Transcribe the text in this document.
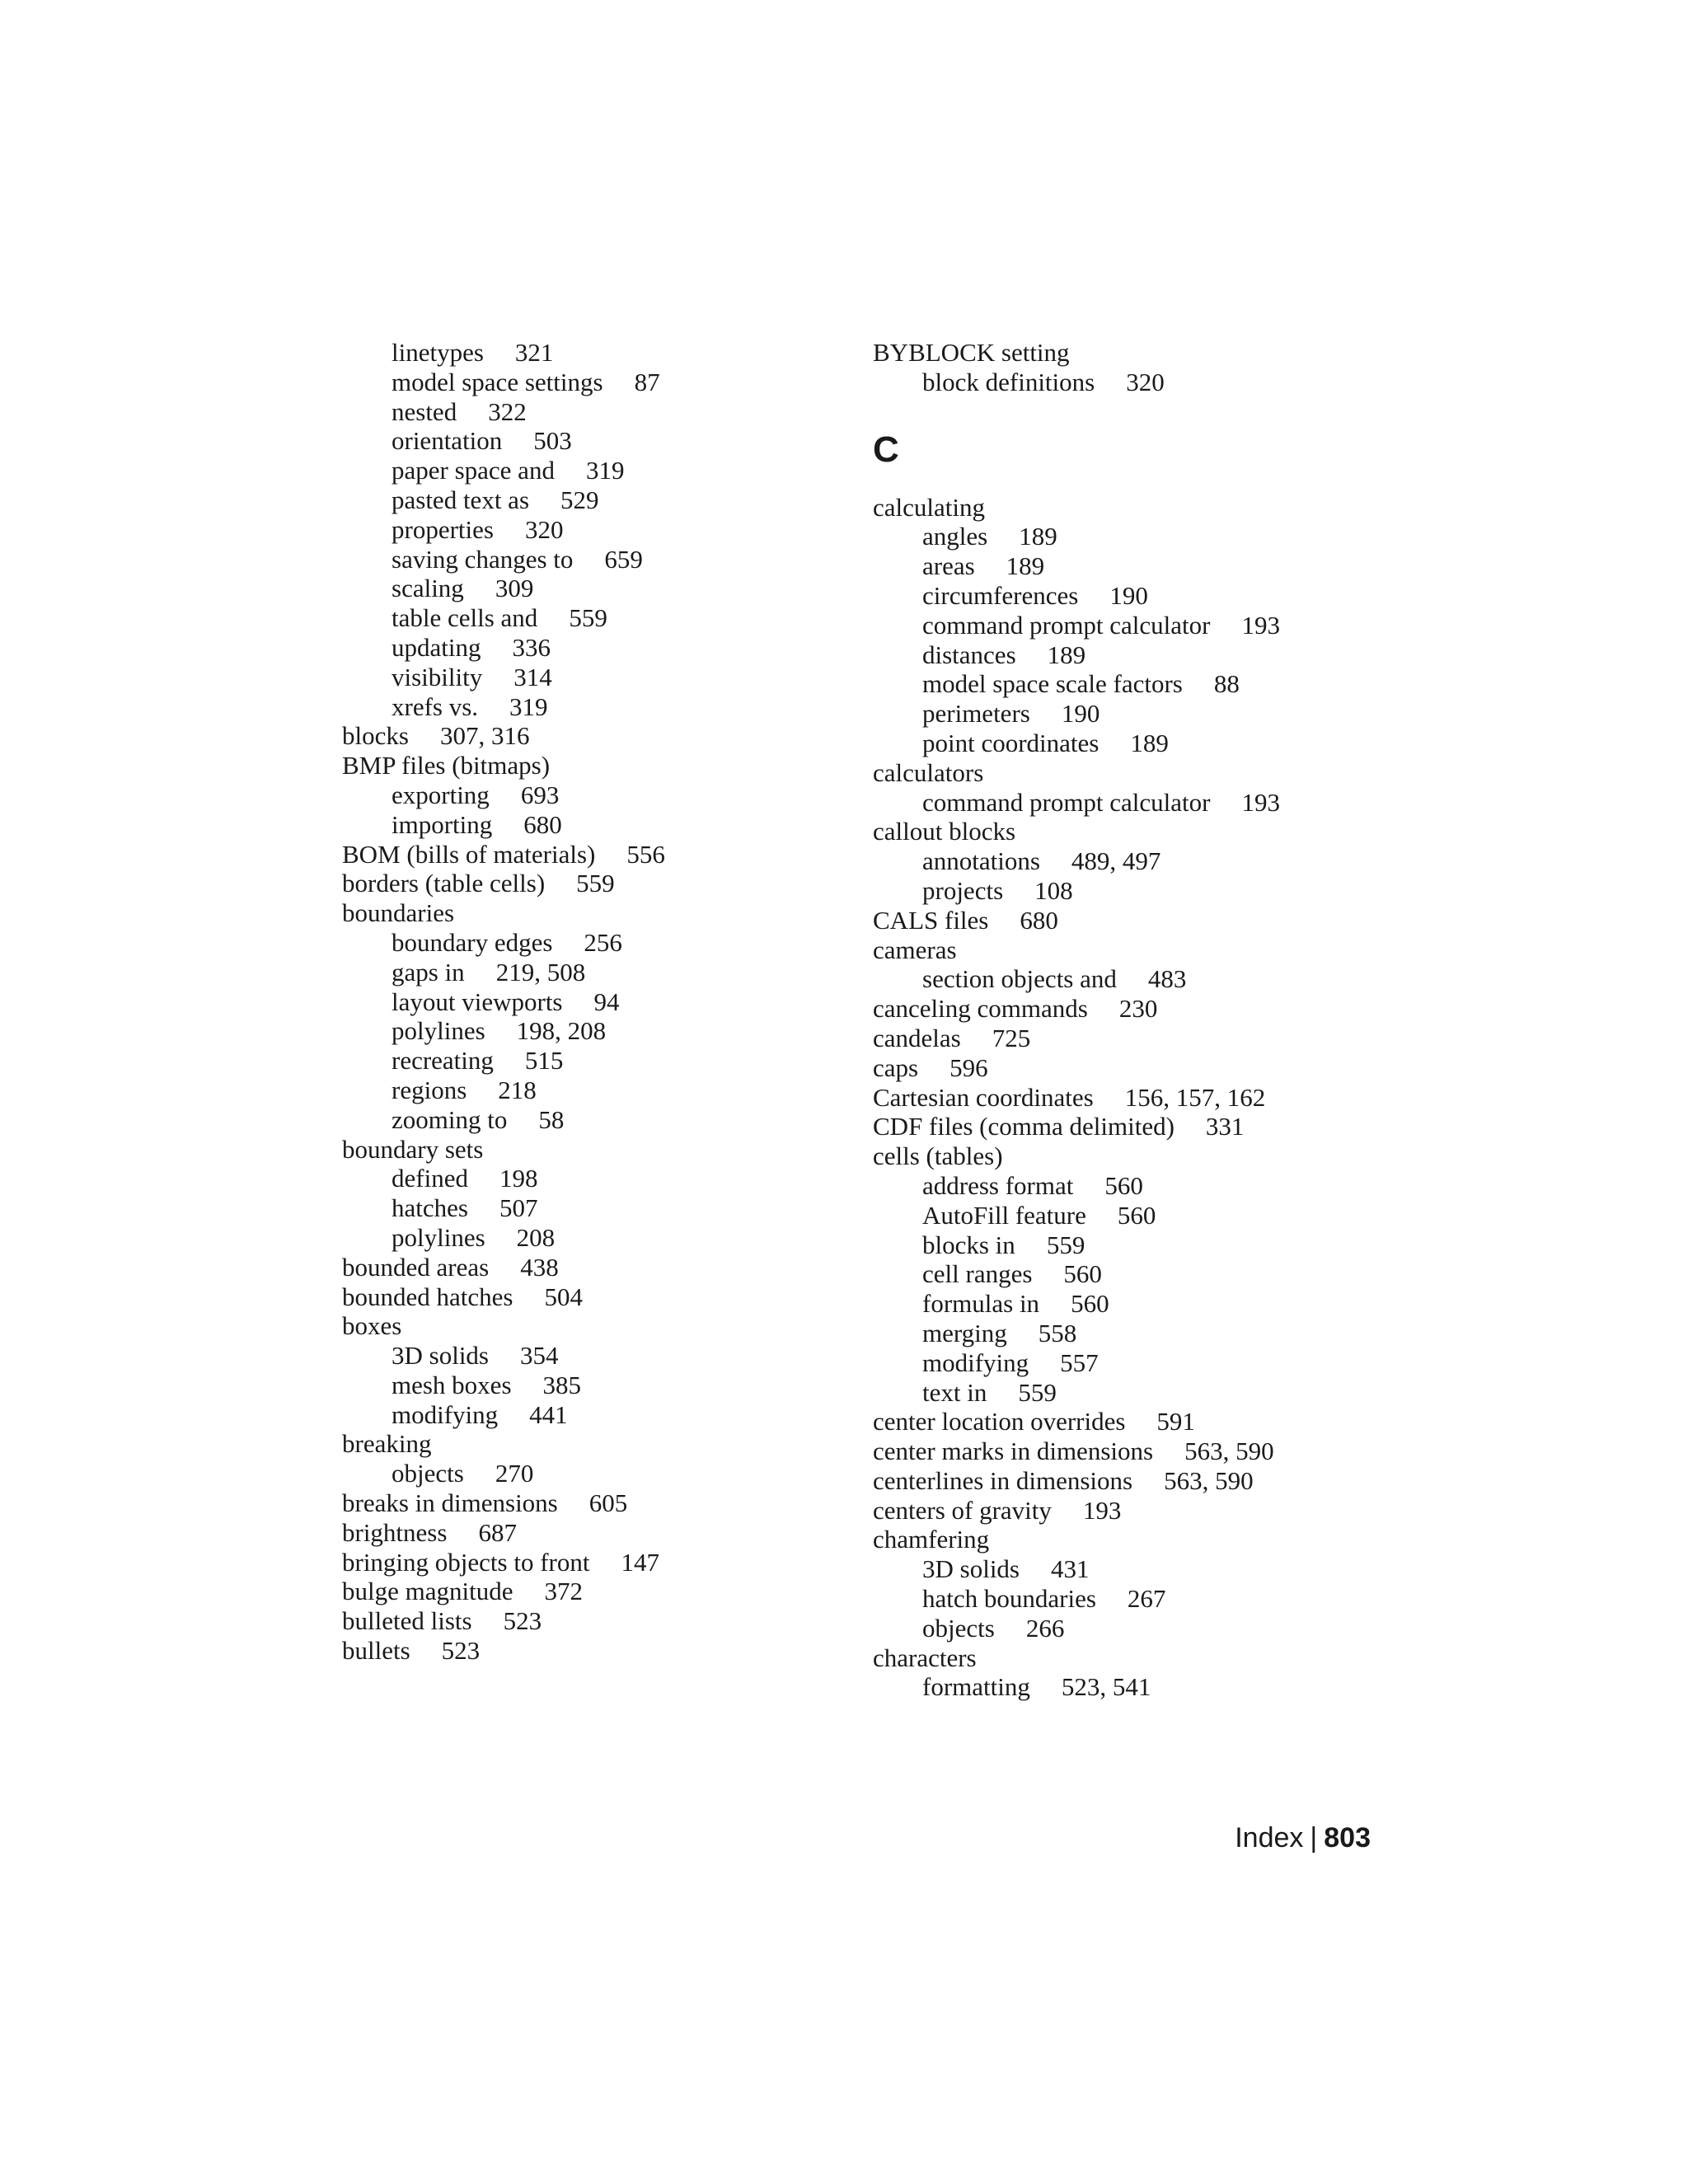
linetypes 321
model space settings 87
nested 322
orientation 503
paper space and 319
pasted text as 529
properties 320
saving changes to 659
scaling 309
table cells and 559
updating 336
visibility 314
xrefs vs. 319
blocks 307, 316
BMP files (bitmaps)
exporting 693
importing 680
BOM (bills of materials) 556
borders (table cells) 559
boundaries
boundary edges 256
gaps in 219, 508
layout viewports 94
polylines 198, 208
recreating 515
regions 218
zooming to 58
boundary sets
defined 198
hatches 507
polylines 208
bounded areas 438
bounded hatches 504
boxes
3D solids 354
mesh boxes 385
modifying 441
breaking
objects 270
breaks in dimensions 605
brightness 687
bringing objects to front 147
bulge magnitude 372
bulleted lists 523
bullets 523
BYBLOCK setting
block definitions 320
C
calculating
angles 189
areas 189
circumferences 190
command prompt calculator 193
distances 189
model space scale factors 88
perimeters 190
point coordinates 189
calculators
command prompt calculator 193
callout blocks
annotations 489, 497
projects 108
CALS files 680
cameras
section objects and 483
canceling commands 230
candelas 725
caps 596
Cartesian coordinates 156, 157, 162
CDF files (comma delimited) 331
cells (tables)
address format 560
AutoFill feature 560
blocks in 559
cell ranges 560
formulas in 560
merging 558
modifying 557
text in 559
center location overrides 591
center marks in dimensions 563, 590
centerlines in dimensions 563, 590
centers of gravity 193
chamfering
3D solids 431
hatch boundaries 267
objects 266
characters
formatting 523, 541
Index | 803
